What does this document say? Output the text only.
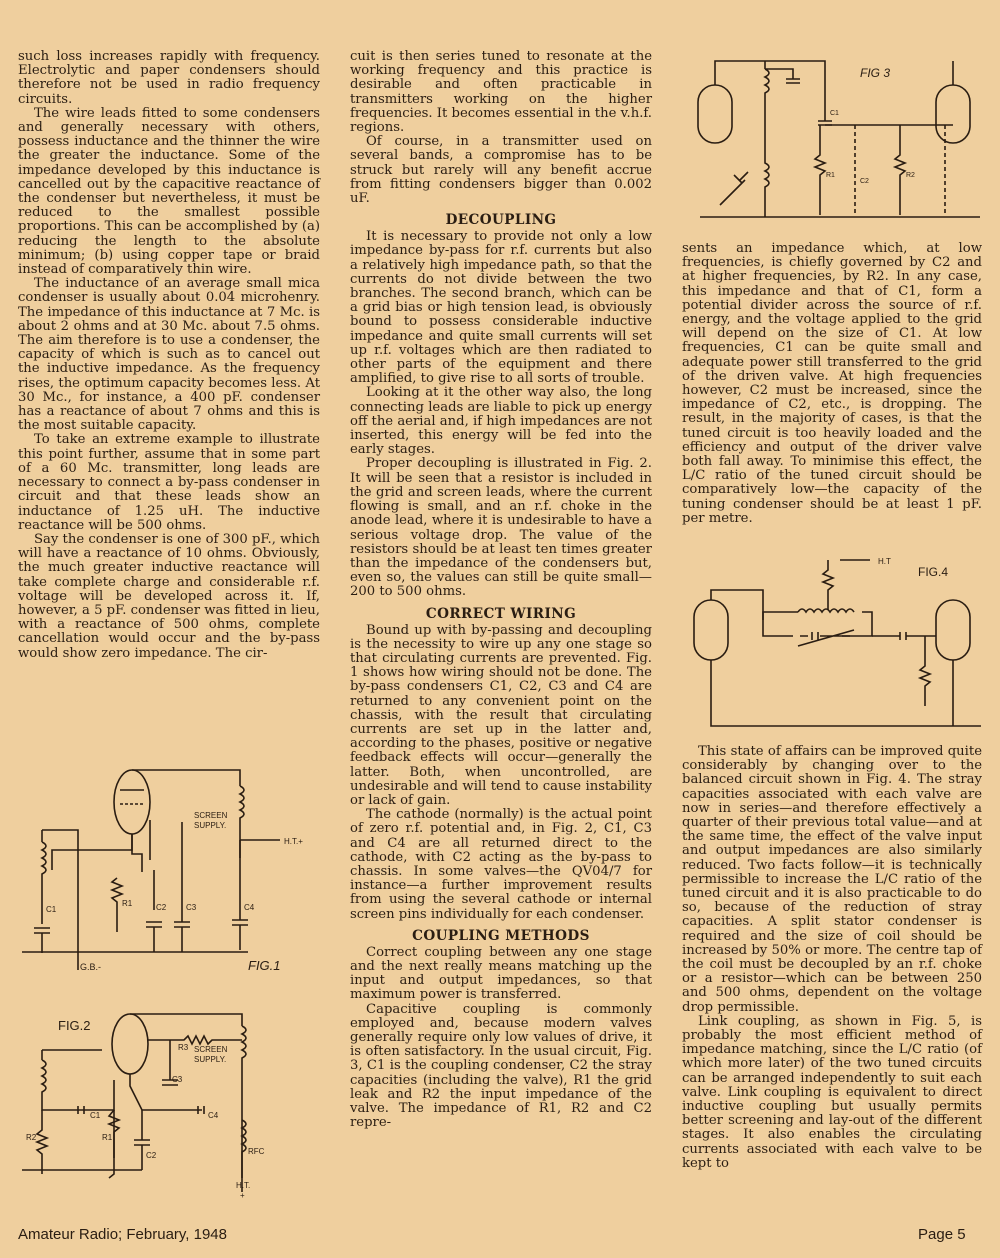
such loss increases rapidly with frequency. Electrolytic and paper condensers should therefore not be used in radio frequency circuits.

The wire leads fitted to some condensers and generally necessary with others, possess inductance and the thinner the wire the greater the inductance. Some of the impedance developed by this inductance is cancelled out by the capacitive reactance of the condenser but nevertheless, it must be reduced to the smallest possible proportions. This can be accomplished by (a) reducing the length to the absolute minimum; (b) using copper tape or braid instead of comparatively thin wire.

The inductance of an average small mica condenser is usually about 0.04 microhenry. The impedance of this inductance at 7 Mc. is about 2 ohms and at 30 Mc. about 7.5 ohms. The aim therefore is to use a condenser, the capacity of which is such as to cancel out the inductive impedance. As the frequency rises, the optimum capacity becomes less. At 30 Mc., for instance, a 400 pF. condenser has a reactance of about 7 ohms and this is the most suitable capacity.

To take an extreme example to illustrate this point further, assume that in some part of a 60 Mc. transmitter, long leads are necessary to connect a by-pass condenser in circuit and that these leads show an inductance of 1.25 uH. The inductive reactance will be 500 ohms.

Say the condenser is one of 300 pF., which will have a reactance of 10 ohms. Obviously, the much greater inductive reactance will take complete charge and considerable r.f. voltage will be developed across it. If, however, a 5 pF. condenser was fitted in lieu, with a reactance of 500 ohms, complete cancellation would occur and the by-pass would show zero impedance. The cir-

cuit is then series tuned to resonate at the working frequency and this practice is desirable and often practicable in transmitters working on the higher frequencies. It becomes essential in the v.h.f. regions.

Of course, in a transmitter used on several bands, a compromise has to be struck but rarely will any benefit accrue from fitting condensers bigger than 0.002 uF.

DECOUPLING

It is necessary to provide not only a low impedance by-pass for r.f. currents but also a relatively high impedance path, so that the currents do not divide between the two branches. The second branch, which can be a grid bias or high tension lead, is obviously bound to possess considerable inductive impedance and quite small currents will set up r.f. voltages which are then radiated to other parts of the equipment and there amplified, to give rise to all sorts of trouble.

Looking at it the other way also, the long connecting leads are liable to pick up energy off the aerial and, if high impedances are not inserted, this energy will be fed into the early stages.

Proper decoupling is illustrated in Fig. 2. It will be seen that a resistor is included in the grid and screen leads, where the current flowing is small, and an r.f. choke in the anode lead, where it is undesirable to have a serious voltage drop. The value of the resistors should be at least ten times greater than the impedance of the condensers but, even so, the values can still be quite small—200 to 500 ohms.

CORRECT WIRING

Bound up with by-passing and decoupling is the necessity to wire up any one stage so that circulating currents are prevented. Fig. 1 shows how wiring should not be done. The by-pass condensers C1, C2, C3 and C4 are returned to any convenient point on the chassis, with the result that circulating currents are set up in the latter and, according to the phases, positive or negative feedback effects will occur—generally the latter. Both, when uncontrolled, are undesirable and will tend to cause instability or lack of gain.

The cathode (normally) is the actual point of zero r.f. potential and, in Fig. 2, C1, C3 and C4 are all returned direct to the cathode, with C2 acting as the by-pass to chassis. In some valves—the QV04/7 for instance—a further improvement results from using the several cathode or internal screen pins individually for each condenser.

COUPLING METHODS

Correct coupling between any one stage and the next really means matching up the input and output impedances, so that maximum power is transferred.

Capacitive coupling is commonly employed and, because modern valves generally require only low values of drive, it is often satisfactory. In the usual circuit, Fig. 3, C1 is the coupling condenser, C2 the stray capacities (including the valve), R1 the grid leak and R2 the input impedance of the valve. The impedance of R1, R2 and C2 repre-

sents an impedance which, at low frequencies, is chiefly governed by C2 and at higher frequencies, by R2. In any case, this impedance and that of C1, form a potential divider across the source of r.f. energy, and the voltage applied to the grid will depend on the size of C1. At low frequencies, C1 can be quite small and adequate power still transferred to the grid of the driven valve. At high frequencies however, C2 must be increased, since the impedance of C2, etc., is dropping. The result, in the majority of cases, is that the tuned circuit is too heavily loaded and the efficiency and output of the driver valve both fall away. To minimise this effect, the L/C ratio of the tuned circuit should be comparatively low—the capacity of the tuning condenser should be at least 1 pF. per metre.

This state of affairs can be improved quite considerably by changing over to the balanced circuit shown in Fig. 4. The stray capacities associated with each valve are now in series—and therefore effectively a quarter of their previous total value—and at the same time, the effect of the valve input and output impedances are also similarly reduced. Two facts follow—it is technically permissible to increase the L/C ratio of the tuned circuit and it is also practicable to do so, because of the reduction of stray capacities. A split stator condenser is required and the size of coil should be increased by 50% or more. The centre tap of the coil must be decoupled by an r.f. choke or a resistor—which can be between 250 and 500 ohms, dependent on the voltage drop permissible.

Link coupling, as shown in Fig. 5, is probably the most efficient method of impedance matching, since the L/C ratio (of which more later) of the two tuned circuits can be arranged independently to suit each valve. Link coupling is equivalent to direct inductive coupling but usually permits better screening and lay-out of the different stages. It also enables the circulating currents associated with each valve to be kept to

SCREEN
SUPPLY.
H.T.+
G.B.-	FIG.1
C1
R1	C2 C3	C4
FIG.2
R3 SCREEN
SUPPLY.
C3
C1	C4
R2	R1
C2	RFC
H.T.
+
FIG 3
C1
R1
C2
R2
FIG.4
H.T
Amateur Radio; February, 1948	Page 5
